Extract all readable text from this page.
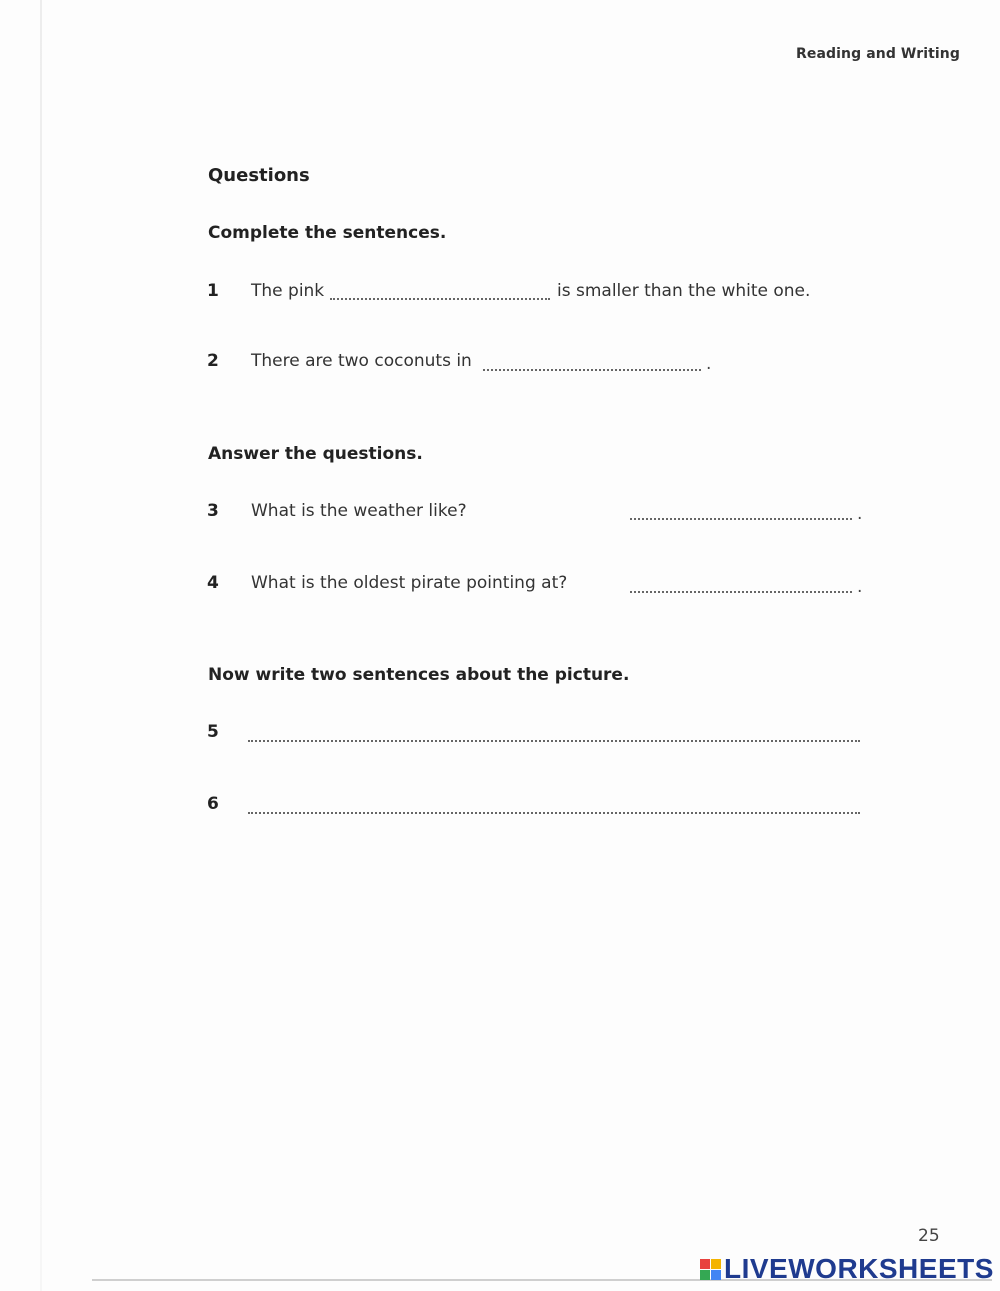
Reading and Writing
Questions
Complete the sentences.
1 The pink	is smaller than the white one.
2 There are two coconuts in	.
Answer the questions.
3 What is the weather like?	.
4 What is the oldest pirate pointing at?	.
Now write two sentences about the picture.
5
6
25
LIVEWORKSHEETS
